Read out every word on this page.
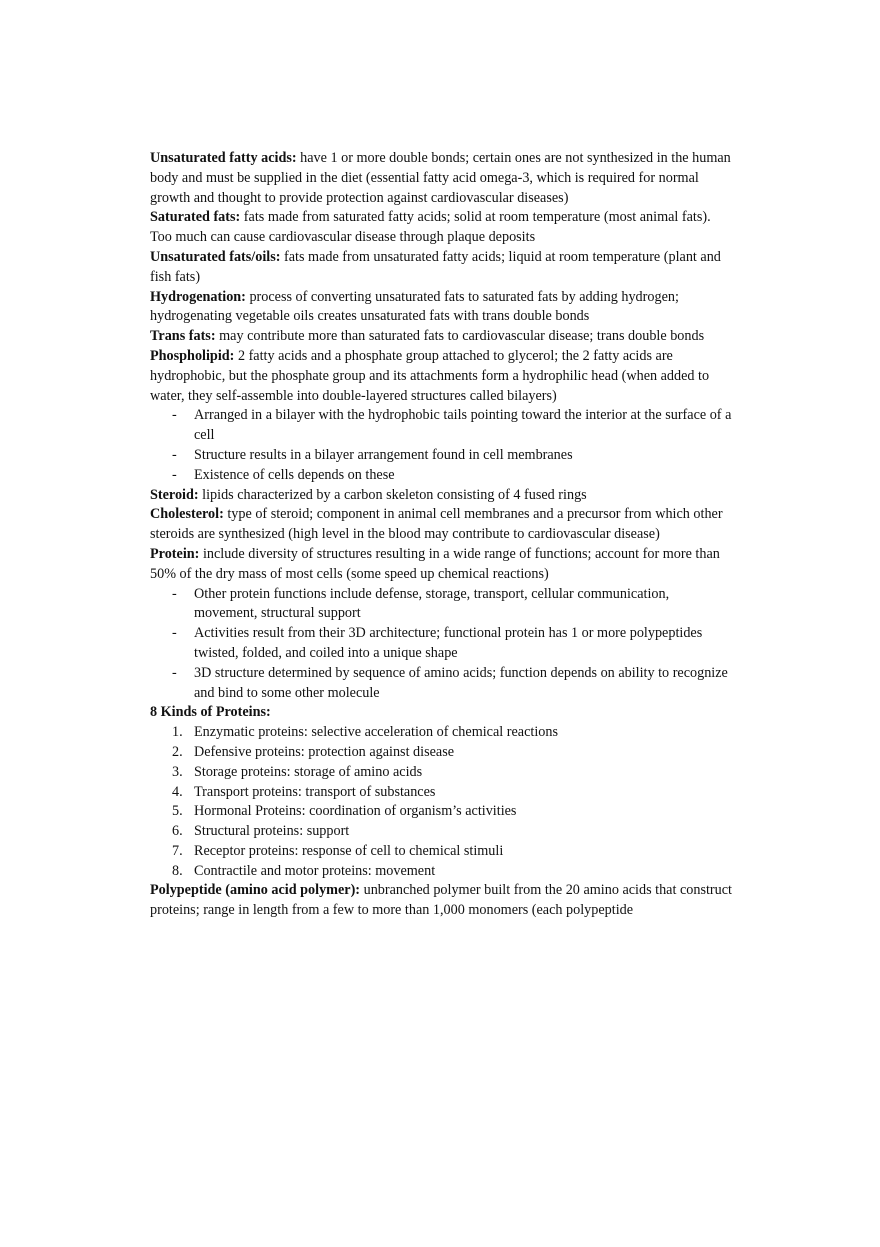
Unsaturated fatty acids: have 1 or more double bonds; certain ones are not synthesized in the human body and must be supplied in the diet (essential fatty acid omega-3, which is required for normal growth and thought to provide protection against cardiovascular diseases)

Saturated fats: fats made from saturated fatty acids; solid at room temperature (most animal fats). Too much can cause cardiovascular disease through plaque deposits

Unsaturated fats/oils: fats made from unsaturated fatty acids; liquid at room temperature (plant and fish fats)

Hydrogenation: process of converting unsaturated fats to saturated fats by adding hydrogen; hydrogenating vegetable oils creates unsaturated fats with trans double bonds

Trans fats: may contribute more than saturated fats to cardiovascular disease; trans double bonds

Phospholipid: 2 fatty acids and a phosphate group attached to glycerol; the 2 fatty acids are hydrophobic, but the phosphate group and its attachments form a hydrophilic head (when added to water, they self-assemble into double-layered structures called bilayers)

- Arranged in a bilayer with the hydrophobic tails pointing toward the interior at the surface of a cell
- Structure results in a bilayer arrangement found in cell membranes
- Existence of cells depends on these

Steroid: lipids characterized by a carbon skeleton consisting of 4 fused rings

Cholesterol: type of steroid; component in animal cell membranes and a precursor from which other steroids are synthesized (high level in the blood may contribute to cardiovascular disease)

Protein: include diversity of structures resulting in a wide range of functions; account for more than 50% of the dry mass of most cells (some speed up chemical reactions)

- Other protein functions include defense, storage, transport, cellular communication, movement, structural support
- Activities result from their 3D architecture; functional protein has 1 or more polypeptides twisted, folded, and coiled into a unique shape
- 3D structure determined by sequence of amino acids; function depends on ability to recognize and bind to some other molecule

8 Kinds of Proteins:

1. Enzymatic proteins: selective acceleration of chemical reactions
2. Defensive proteins: protection against disease
3. Storage proteins: storage of amino acids
4. Transport proteins: transport of substances
5. Hormonal Proteins: coordination of organism’s activities
6. Structural proteins: support
7. Receptor proteins: response of cell to chemical stimuli
8. Contractile and motor proteins: movement

Polypeptide (amino acid polymer): unbranched polymer built from the 20 amino acids that construct proteins; range in length from a few to more than 1,000 monomers (each polypeptide
